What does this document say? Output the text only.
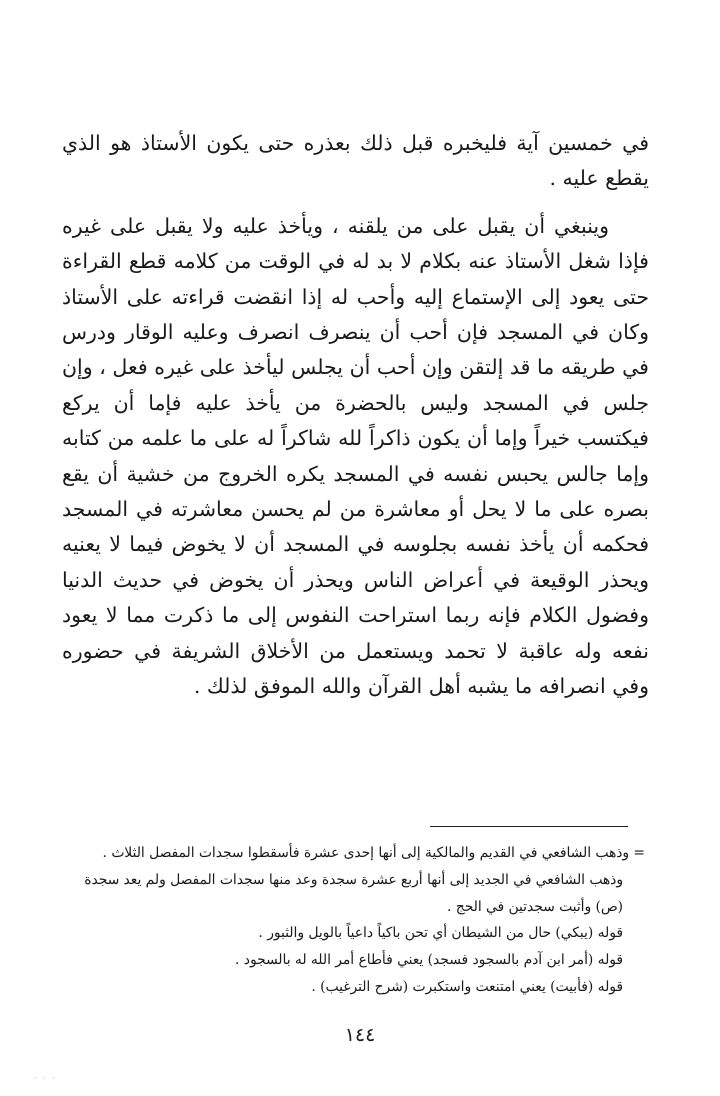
في خمسين آية فليخبره قبل ذلك بعذره حتى يكون الأستاذ هو الذي يقطع عليه .

وينبغي أن يقبل على من يلقنه ، ويأخذ عليه ولا يقبل على غيره فإذا شغل الأستاذ عنه بكلام لا بد له في الوقت من كلامه قطع القراءة حتى يعود إلى الإستماع إليه وأحب له إذا انقضت قراءته على الأستاذ وكان في المسجد فإن أحب أن ينصرف انصرف وعليه الوقار ودرس في طريقه ما قد إلتقن وإن أحب أن يجلس ليأخذ على غيره فعل ، وإن جلس في المسجد وليس بالحضرة من يأخذ عليه فإما أن يركع فيكتسب خيراً وإما أن يكون ذاكراً لله شاكراً له على ما علمه من كتابه وإما جالس يحبس نفسه في المسجد يكره الخروج من خشية أن يقع بصره على ما لا يحل أو معاشرة من لم يحسن معاشرته في المسجد فحكمه أن يأخذ نفسه بجلوسه في المسجد أن لا يخوض فيما لا يعنيه ويحذر الوقيعة في أعراض الناس ويحذر أن يخوض في حديث الدنيا وفضول الكلام فإنه ربما استراحت النفوس إلى ما ذكرت مما لا يعود نفعه وله عاقبة لا تحمد ويستعمل من الأخلاق الشريفة في حضوره وفي انصرافه ما يشبه أهل القرآن والله الموفق لذلك .

= وذهب الشافعي في القديم والمالكية إلى أنها إحدى عشرة فأسقطوا سجدات المفصل الثلاث .

وذهب الشافعي في الجديد إلى أنها أربع عشرة سجدة وعد منها سجدات المفصل ولم يعد سجدة (ص) وأثبت سجدتين في الحج .

قوله (يبكي) حال من الشيطان أي تحن باكياً داعياً بالويل والثبور .

قوله (أمر ابن آدم بالسجود فسجد) يعني فأطاع أمر الله له بالسجود .

قوله (فأبيت) يعني امتنعت واستكبرت (شرح الترغيب) .

١٤٤
· · ·
